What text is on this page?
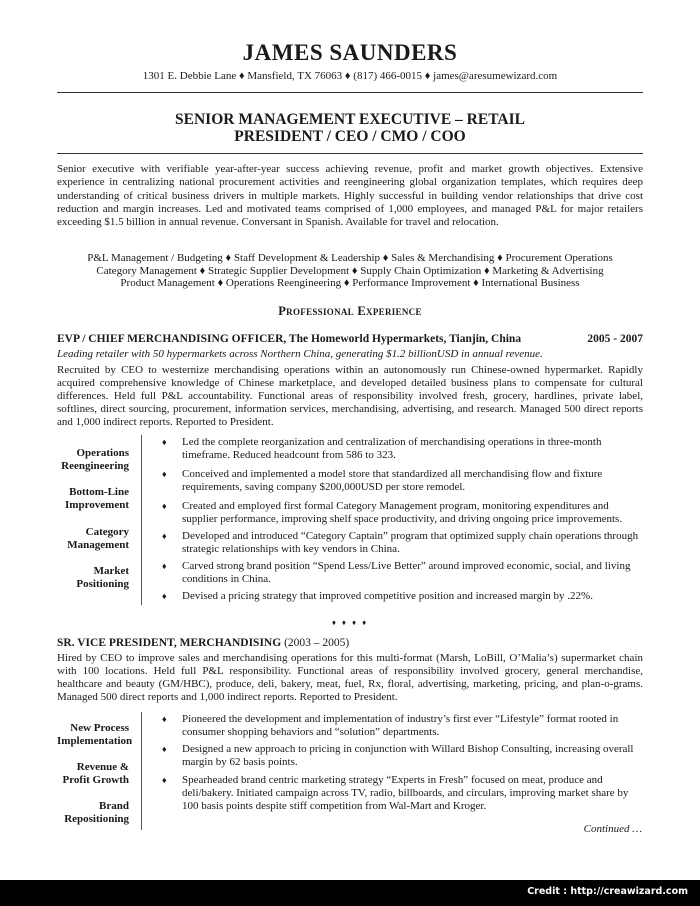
JAMES SAUNDERS
1301 E. Debbie Lane ♦ Mansfield, TX 76063 ♦ (817) 466-0015 ♦ james@aresumewizard.com
SENIOR MANAGEMENT EXECUTIVE – RETAIL
PRESIDENT / CEO / CMO / COO
Senior executive with verifiable year-after-year success achieving revenue, profit and market growth objectives. Extensive experience in centralizing national procurement activities and reengineering global organization templates, which requires deep understanding of critical business drivers in multiple markets. Highly successful in building vendor relationships that drive cost reduction and margin increases. Led and motivated teams comprised of 1,000 employees, and managed P&L for major retailers exceeding $1.5 billion in annual revenue. Conversant in Spanish. Available for travel and relocation.
P&L Management / Budgeting ♦ Staff Development & Leadership ♦ Sales & Merchandising ♦ Procurement Operations
Category Management ♦ Strategic Supplier Development ♦ Supply Chain Optimization ♦ Marketing & Advertising
Product Management ♦ Operations Reengineering ♦ Performance Improvement ♦ International Business
Professional Experience
EVP / CHIEF MERCHANDISING OFFICER, The Homeworld Hypermarkets, Tianjin, China	2005 - 2007
Leading retailer with 50 hypermarkets across Northern China, generating $1.2 billionUSD in annual revenue.
Recruited by CEO to westernize merchandising operations within an autonomously run Chinese-owned hypermarket. Rapidly acquired comprehensive knowledge of Chinese marketplace, and developed detailed business plans to compensate for cultural differences. Held full P&L accountability. Functional areas of responsibility involved fresh, grocery, hardlines, private label, softlines, direct sourcing, procurement, information services, merchandising, advertising, and research. Managed 500 direct reports and 1,000 indirect reports. Reported to President.
Operations
Reengineering
Bottom-Line
Improvement
Category
Management
Market
Positioning
♦ Led the complete reorganization and centralization of merchandising operations in three-month timeframe. Reduced headcount from 586 to 323.
♦ Conceived and implemented a model store that standardized all merchandising flow and fixture requirements, saving company $200,000USD per store remodel.
♦ Created and employed first formal Category Management program, monitoring expenditures and supplier performance, improving shelf space productivity, and driving ongoing price improvements.
♦ Developed and introduced “Category Captain” program that optimized supply chain operations through strategic relationships with key vendors in China.
♦ Carved strong brand position “Spend Less/Live Better” around improved economic, social, and living conditions in China.
♦ Devised a pricing strategy that improved competitive position and increased margin by .22%.
♦ ♦ ♦ ♦
SR. VICE PRESIDENT, MERCHANDISING (2003 – 2005)
Hired by CEO to improve sales and merchandising operations for this multi-format (Marsh, LoBill, O’Malia’s) supermarket chain with 100 locations. Held full P&L responsibility. Functional areas of responsibility involved grocery, general merchandise, healthcare and beauty (GM/HBC), produce, deli, bakery, meat, fuel, Rx, floral, advertising, marketing, pricing, and plan-o-grams. Managed 500 direct reports and 1,000 indirect reports. Reported to President.
New Process
Implementation
Revenue &
Profit Growth
Brand
Repositioning
♦ Pioneered the development and implementation of industry’s first ever “Lifestyle” format rooted in consumer shopping behaviors and “solution” departments.
♦ Designed a new approach to pricing in conjunction with Willard Bishop Consulting, increasing overall margin by 62 basis points.
♦ Spearheaded brand centric marketing strategy “Experts in Fresh” focused on meat, produce and deli/bakery. Initiated campaign across TV, radio, billboards, and circulars, improving market share by 100 basis points despite stiff competition from Wal-Mart and Kroger.
Continued …
Credit : http://creawizard.com
